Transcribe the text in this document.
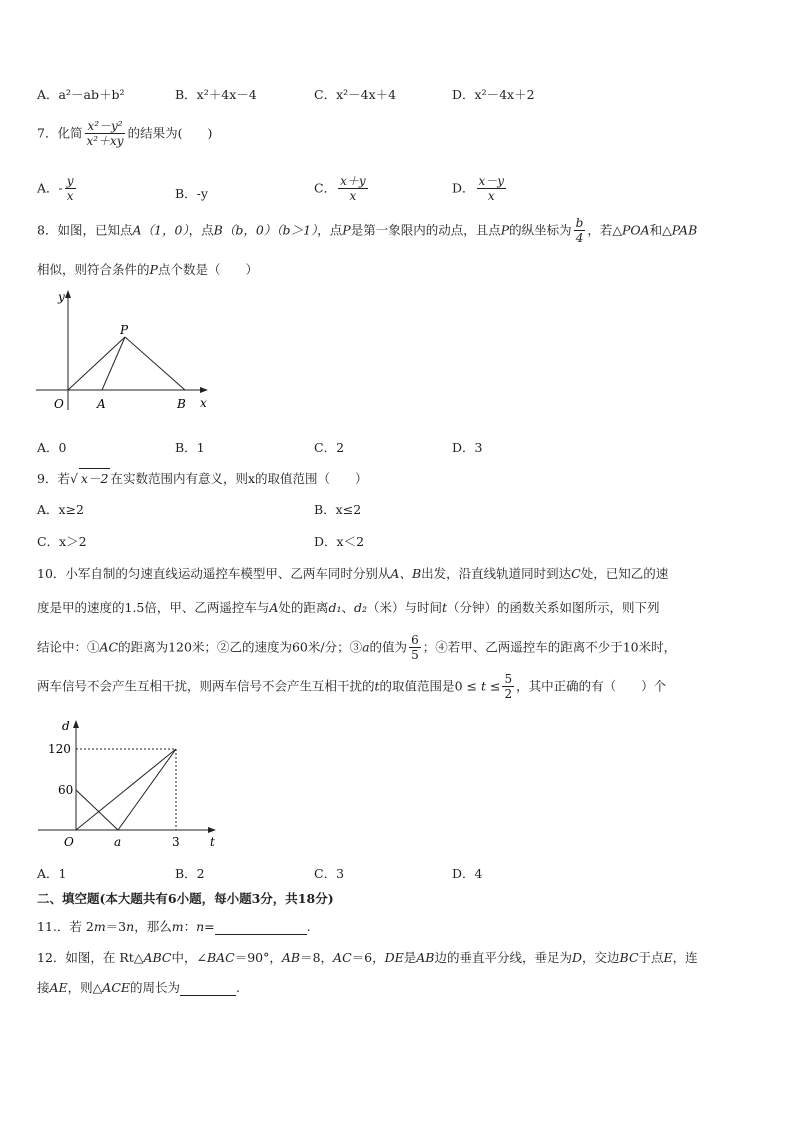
A．a²－ab＋b²	B．x²＋4x－4	C．x²－4x＋4	D．x²－4x＋2
7．化简 $\frac{\text{x²－y²}}{\text{x²＋xy}}$ 的结果为(　　)
A．- $\frac{y}{x}$	B．-y	C． $\frac{x+y}{x}$	D． $\frac{x-y}{x}$
8．如图，已知点A（1，0），点B（b，0）（b＞1），点P是第一象限内的动点，且点P的纵坐标为 $\frac{b}{4}$ ，若△POA和△PAB
相似，则符合条件的P点个数是（　　）
y
x
O	A	B
P
A．0	B．1	C．2	D．3
9．若√ x－2 在实数范围内有意义，则x的取值范围（　　）
A．x≥2	B．x≤2
C．x＞2	D．x＜2
10．小军自制的匀速直线运动遥控车模型甲、乙两车同时分别从A、B出发，沿直线轨道同时到达C处，已知乙的速
度是甲的速度的1.5倍，甲、乙两遥控车与A处的距离d₁、d₂（米）与时间t（分钟）的函数关系如图所示，则下列
结论中：①AC的距离为120米；②乙的速度为60米/分；③a的值为 $\frac{6}{5}$ ；④若甲、乙两遥控车的距离不少于10米时，
两车信号不会产生互相干扰，则两车信号不会产生互相干扰的t的取值范围是$0 \le t \le \frac{5}{2}$ ，其中正确的有（　　）个
d
t
O	a
120
60
3
A．1	B．2	C．3	D．4
二、填空题(本大题共有6小题，每小题3分，共18分)
11.．若 2m＝3n，那么m：n=	.
12．如图，在 Rt△ABC中，∠BAC＝90°，AB＝8，AC＝6，DE是AB边的垂直平分线，垂足为D，交边BC于点E，连
接AE，则△ACE的周长为	.
